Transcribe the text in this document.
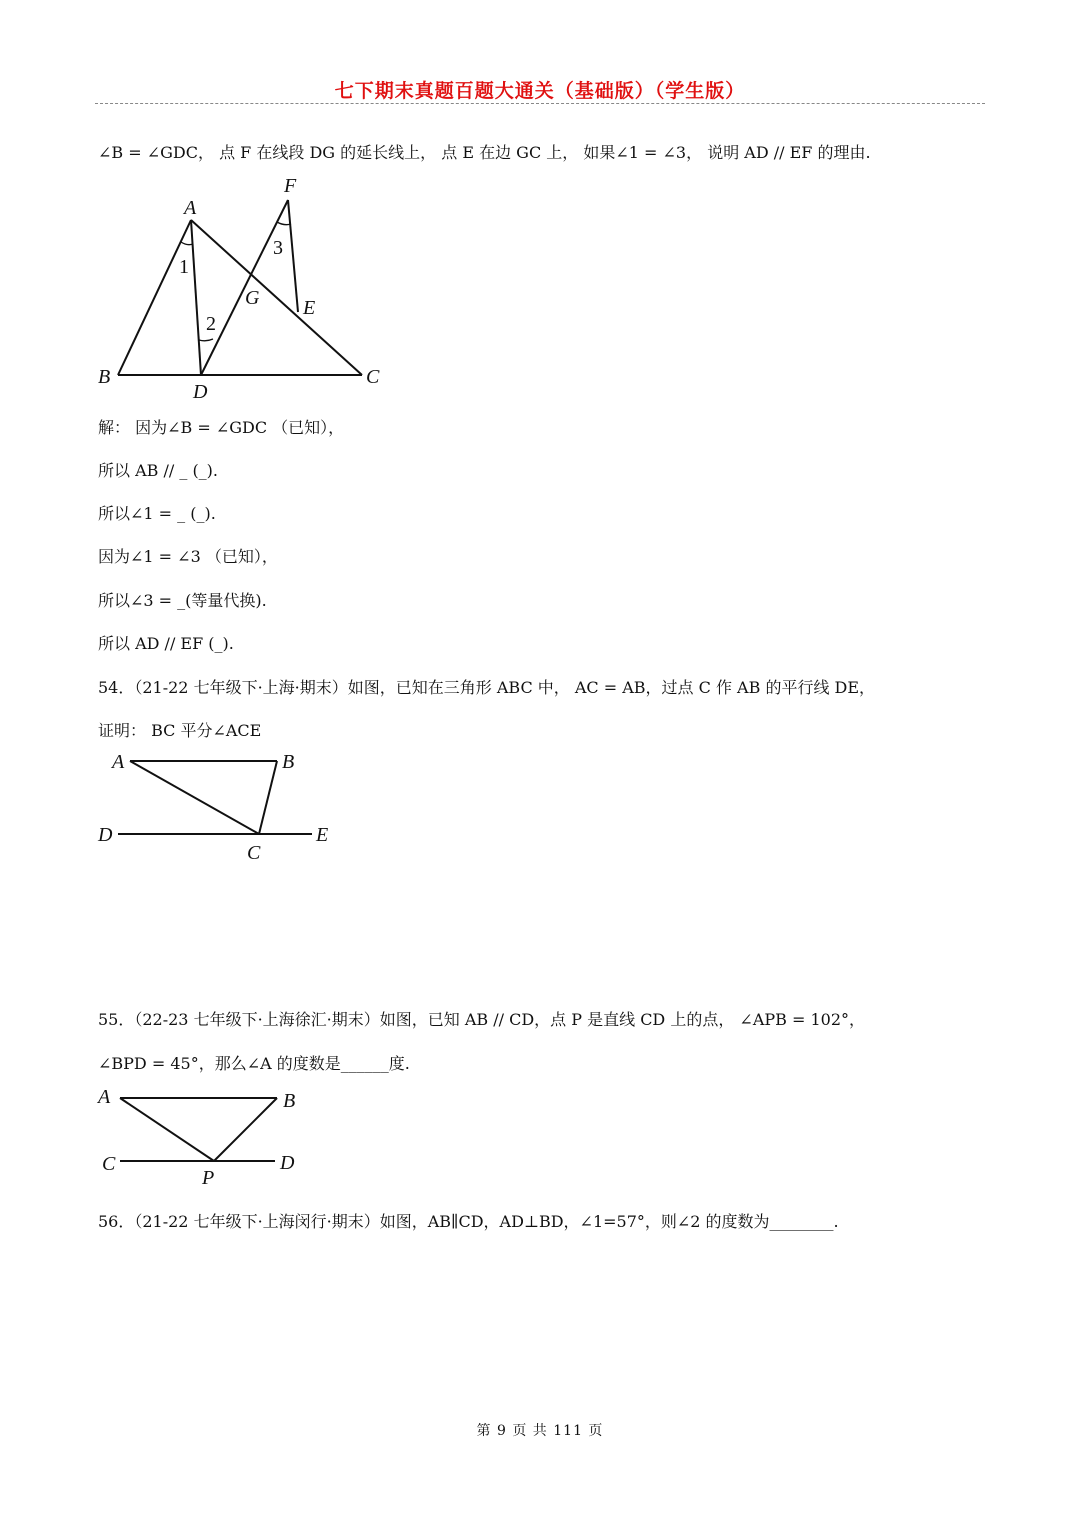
七下期末真题百题大通关（基础版）（学生版）
∠B = ∠GDC， 点 F 在线段 DG 的延长线上， 点 E 在边 GC 上， 如果∠1 = ∠3， 说明 AD // EF 的理由.
A
B	C
D
E
F
G
1
2
3
解： 因为∠B = ∠GDC （已知），
所以 AB // _ (_).
所以∠1 = _ (_).
因为∠1 = ∠3 （已知），
所以∠3 = _(等量代换).
所以 AD // EF (_).
54．（21-22 七年级下·上海·期末）如图，已知在三角形 ABC 中， AC = AB，过点 C 作 AB 的平行线 DE，
证明： BC 平分∠ACE
A	B
C
D	E
55．（22-23 七年级下·上海徐汇·期末）如图，已知 AB // CD，点 P 是直线 CD 上的点， ∠APB = 102°，
∠BPD = 45°，那么∠A 的度数是______度.
A	B
C	D
P
56．（21-22 七年级下·上海闵行·期末）如图，AB∥CD，AD⊥BD，∠1=57°，则∠2 的度数为________.
第 9 页 共 111 页
